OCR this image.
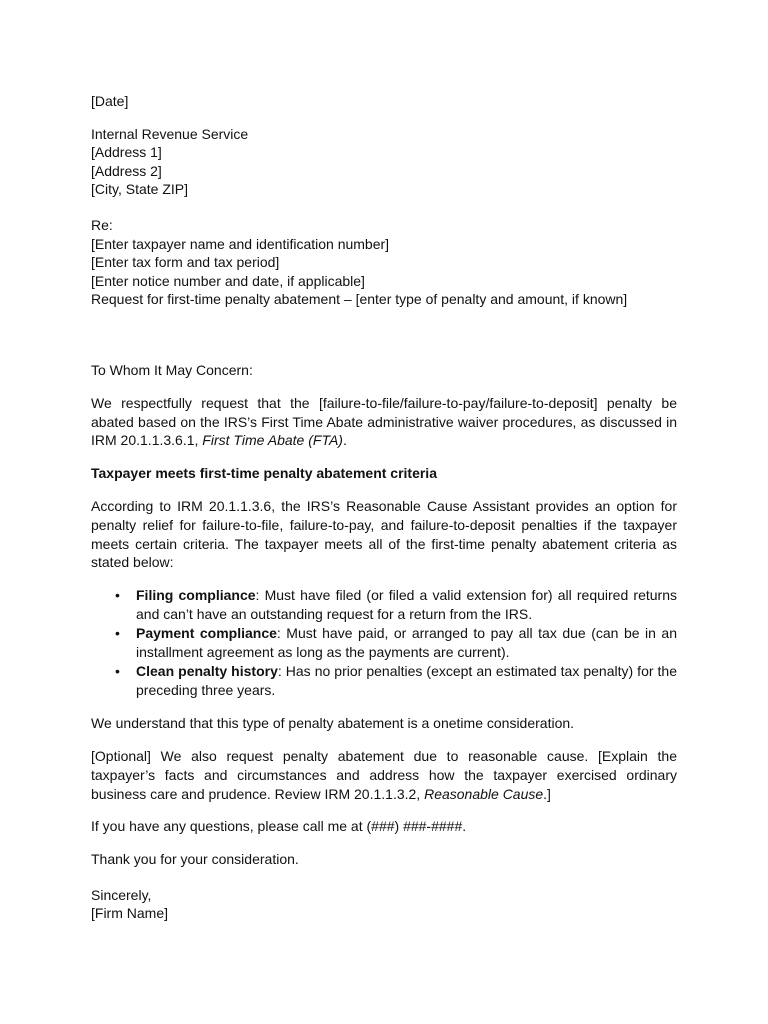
[Date]
Internal Revenue Service
[Address 1]
[Address 2]
[City, State ZIP]
Re:
[Enter taxpayer name and identification number]
[Enter tax form and tax period]
[Enter notice number and date, if applicable]
Request for first-time penalty abatement – [enter type of penalty and amount, if known]

To Whom It May Concern:

We respectfully request that the [failure-to-file/failure-to-pay/failure-to-deposit] penalty be abated based on the IRS’s First Time Abate administrative waiver procedures, as discussed in IRM 20.1.1.3.6.1, First Time Abate (FTA).

Taxpayer meets first-time penalty abatement criteria

According to IRM 20.1.1.3.6, the IRS’s Reasonable Cause Assistant provides an option for penalty relief for failure-to-file, failure-to-pay, and failure-to-deposit penalties if the taxpayer meets certain criteria. The taxpayer meets all of the first-time penalty abatement criteria as stated below:

• Filing compliance: Must have filed (or filed a valid extension for) all required returns and can’t have an outstanding request for a return from the IRS.
• Payment compliance: Must have paid, or arranged to pay all tax due (can be in an installment agreement as long as the payments are current).
• Clean penalty history: Has no prior penalties (except an estimated tax penalty) for the preceding three years.

We understand that this type of penalty abatement is a onetime consideration.

[Optional] We also request penalty abatement due to reasonable cause. [Explain the taxpayer’s facts and circumstances and address how the taxpayer exercised ordinary business care and prudence. Review IRM 20.1.1.3.2, Reasonable Cause.]

If you have any questions, please call me at (###) ###-####.

Thank you for your consideration.

Sincerely,
[Firm Name]
